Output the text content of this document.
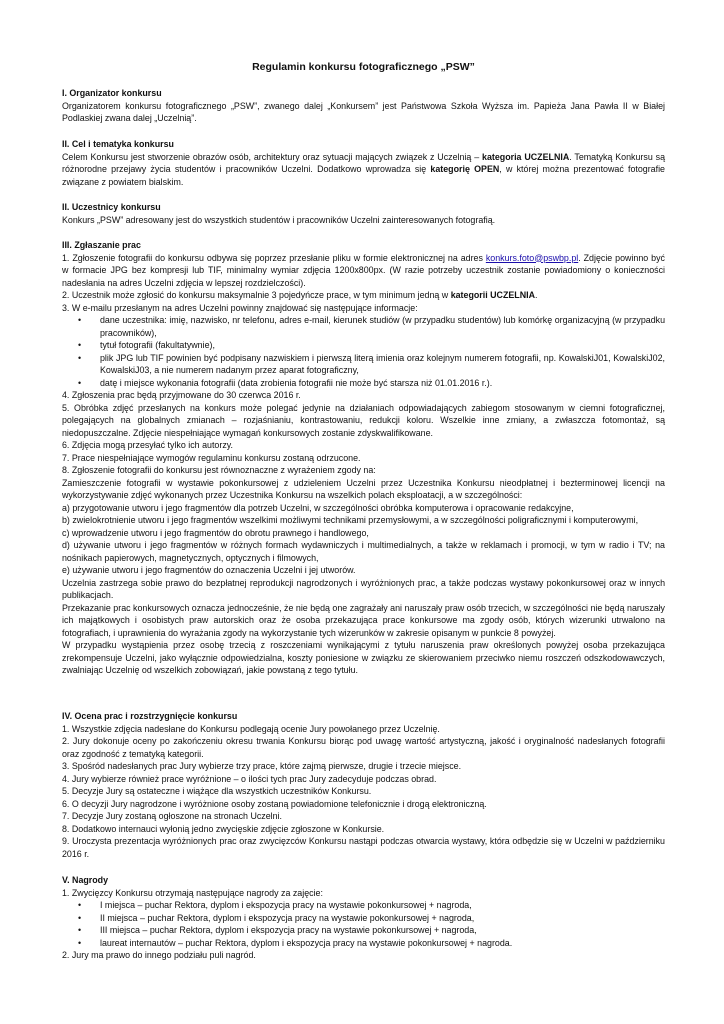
Regulamin konkursu fotograficznego „PSW”

I. Organizator konkursu

Organizatorem konkursu fotograficznego „PSW”, zwanego dalej „Konkursem” jest Państwowa Szkoła Wyższa im. Papieża Jana Pawła II w Białej Podlaskiej zwana dalej „Uczelnią”.

II. Cel i tematyka konkursu

Celem Konkursu jest stworzenie obrazów osób, architektury oraz sytuacji mających związek z Uczelnią – kategoria UCZELNIA. Tematyką Konkursu są różnorodne przejawy życia studentów i pracowników Uczelni. Dodatkowo wprowadza się kategorię OPEN, w której można prezentować fotografie związane z powiatem bialskim.

II. Uczestnicy konkursu

Konkurs „PSW” adresowany jest do wszystkich studentów i pracowników Uczelni zainteresowanych fotografią.

III. Zgłaszanie prac

1. Zgłoszenie fotografii do konkursu odbywa się poprzez przesłanie pliku w formie elektronicznej na adres konkurs.foto@pswbp.pl. Zdjęcie powinno być w formacie JPG bez kompresji lub TIF, minimalny wymiar zdjęcia 1200x800px. (W razie potrzeby uczestnik zostanie powiadomiony o konieczności nadesłania na adres Uczelni zdjęcia w lepszej rozdzielczości).

2. Uczestnik może zgłosić do konkursu maksymalnie 3 pojedyńcze prace, w tym minimum jedną w kategorii UCZELNIA.

3. W e-mailu przesłanym na adres Uczelni powinny znajdować się następujące informacje:

• dane uczestnika: imię, nazwisko, nr telefonu, adres e-mail, kierunek studiów (w przypadku studentów) lub komórkę organizacyjną (w przypadku pracowników),
• tytuł fotografii (fakultatywnie),
• plik JPG lub TIF powinien być podpisany nazwiskiem i pierwszą literą imienia oraz kolejnym numerem fotografii, np. KowalskiJ01, KowalskiJ02, KowalskiJ03, a nie numerem nadanym przez aparat fotograficzny,
• datę i miejsce wykonania fotografii (data zrobienia fotografii nie może być starsza niż 01.01.2016 r.).

4. Zgłoszenia prac będą przyjmowane do 30 czerwca 2016 r.

5. Obróbka zdjęć przesłanych na konkurs może polegać jedynie na działaniach odpowiadających zabiegom stosowanym w ciemni fotograficznej, polegających na globalnych zmianach – rozjaśnianiu, kontrastowaniu, redukcji koloru. Wszelkie inne zmiany, a zwłaszcza fotomontaż, są niedopuszczalne. Zdjęcie niespełniające wymagań konkursowych zostanie zdyskwalifikowane.

6. Zdjęcia mogą przesyłać tylko ich autorzy.

7. Prace niespełniające wymogów regulaminu konkursu zostaną odrzucone.

8. Zgłoszenie fotografii do konkursu jest równoznaczne z wyrażeniem zgody na:

Zamieszczenie fotografii w wystawie pokonkursowej z udzieleniem Uczelni przez Uczestnika Konkursu nieodpłatnej i bezterminowej licencji na wykorzystywanie zdjęć wykonanych przez Uczestnika Konkursu na wszelkich polach eksploatacji, a w szczególności:

a) przygotowanie utworu i jego fragmentów dla potrzeb Uczelni, w szczególności obróbka komputerowa i opracowanie redakcyjne,

b) zwielokrotnienie utworu i jego fragmentów wszelkimi możliwymi technikami przemysłowymi, a w szczególności poligraficznymi i komputerowymi,

c) wprowadzenie utworu i jego fragmentów do obrotu prawnego i handlowego,

d) używanie utworu i jego fragmentów w różnych formach wydawniczych i multimedialnych, a także w reklamach i promocji, w tym w radio i TV; na nośnikach papierowych, magnetycznych, optycznych i filmowych,

e) używanie utworu i jego fragmentów do oznaczenia Uczelni i jej utworów.

Uczelnia zastrzega sobie prawo do bezpłatnej reprodukcji nagrodzonych i wyróżnionych prac, a także podczas wystawy pokonkursowej oraz w innych publikacjach.

Przekazanie prac konkursowych oznacza jednocześnie, że nie będą one zagrażały ani naruszały praw osób trzecich, w szczególności nie będą naruszały ich majątkowych i osobistych praw autorskich oraz że osoba przekazująca prace konkursowe ma zgody osób, których wizerunki utrwalono na fotografiach, i uprawnienia do wyrażania zgody na wykorzystanie tych wizerunków w zakresie opisanym w punkcie 8 powyżej.

W przypadku wystąpienia przez osobę trzecią z roszczeniami wynikającymi z tytułu naruszenia praw określonych powyżej osoba przekazująca zrekompensuje Uczelni, jako wyłącznie odpowiedzialna, koszty poniesione w związku ze skierowaniem przeciwko niemu roszczeń odszkodowawczych, zwalniając Uczelnię od wszelkich zobowiązań, jakie powstaną z tego tytułu.

IV. Ocena prac i rozstrzygnięcie konkursu

1. Wszystkie zdjęcia nadesłane do Konkursu podlegają ocenie Jury powołanego przez Uczelnię.

2. Jury dokonuje oceny po zakończeniu okresu trwania Konkursu biorąc pod uwagę wartość artystyczną, jakość i oryginalność nadesłanych fotografii oraz zgodność z tematyką kategorii.

3. Spośród nadesłanych prac Jury wybierze trzy prace, które zajmą pierwsze, drugie i trzecie miejsce.

4. Jury wybierze również prace wyróżnione – o ilości tych prac Jury zadecyduje podczas obrad.

5. Decyzje Jury są ostateczne i wiążące dla wszystkich uczestników Konkursu.

6. O decyzji Jury nagrodzone i wyróżnione osoby zostaną powiadomione telefonicznie i drogą elektroniczną.

7. Decyzje Jury zostaną ogłoszone na stronach Uczelni.

8. Dodatkowo internauci wyłonią jedno zwycięskie zdjęcie zgłoszone w Konkursie.

9. Uroczysta prezentacja wyróżnionych prac oraz zwycięzców Konkursu nastąpi podczas otwarcia wystawy, która odbędzie się w Uczelni w październiku 2016 r.

V. Nagrody

1. Zwycięzcy Konkursu otrzymają następujące nagrody za zajęcie:

• I miejsca – puchar Rektora, dyplom i ekspozycja pracy na wystawie pokonkursowej + nagroda,
• II miejsca – puchar Rektora, dyplom i ekspozycja pracy na wystawie pokonkursowej + nagroda,
• III miejsca – puchar Rektora, dyplom i ekspozycja pracy na wystawie pokonkursowej + nagroda,
• laureat internautów – puchar Rektora, dyplom i ekspozycja pracy na wystawie pokonkursowej + nagroda.

2. Jury ma prawo do innego podziału puli nagród.
